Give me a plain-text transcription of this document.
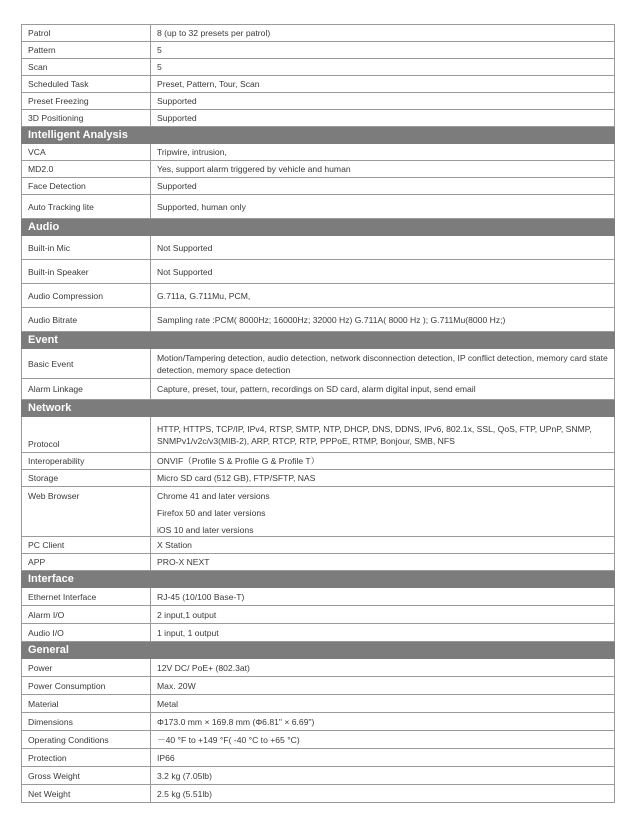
Patrol	8 (up to 32 presets per patrol)

Pattern	5

Scan	5

Scheduled Task	Preset, Pattern, Tour, Scan

Preset Freezing	Supported

3D Positioning	Supported

Intelligent Analysis	
VCA	Tripwire, intrusion,

MD2.0	Yes, support alarm triggered by vehicle and human

Face Detection	Supported

Auto Tracking lite	Supported, human only

Audio	
Built-in Mic	Not Supported

Built-in Speaker	Not Supported

Audio Compression	G.711a, G.711Mu, PCM,

Audio Bitrate	Sampling rate :PCM( 8000Hz; 16000Hz; 32000 Hz) G.711A( 8000 Hz ); G.711Mu(8000 Hz;)

Event	
Basic Event	Motion/Tampering detection, audio detection, network disconnection detection, IP conflict detection, memory card state detection, memory space detection

Alarm Linkage	Capture, preset, tour, pattern, recordings on SD card, alarm digital input, send email

Network	
Protocol	HTTP, HTTPS, TCP/IP, IPv4, RTSP, SMTP, NTP, DHCP, DNS, DDNS, IPv6, 802.1x, SSL, QoS, FTP, UPnP, SNMP, SNMPv1/v2c/v3(MIB-2), ARP, RTCP, RTP, PPPoE, RTMP, Bonjour, SMB, NFS

Interoperability	ONVIF（Profile S & Profile G & Profile T）

Storage	Micro SD card (512 GB), FTP/SFTP, NAS

Web Browser	Chrome 41 and later versions
Firefox 50 and later versions
iOS 10 and later versions

PC Client	X Station

APP	PRO-X NEXT

Interface	
Ethernet Interface	RJ-45 (10/100 Base-T)

Alarm I/O	2 input,1 output

Audio I/O	1 input, 1 output

General	
Power	12V DC/ PoE+ (802.3at)

Power Consumption	Max. 20W

Material	Metal

Dimensions	Φ173.0 mm × 169.8 mm (Φ6.81" × 6.69")

Operating Conditions	－40 °F to +149 °F( -40 °C to +65 °C)

Protection	IP66

Gross Weight	3.2 kg (7.05lb)

Net Weight	2.5 kg (5.51lb)
